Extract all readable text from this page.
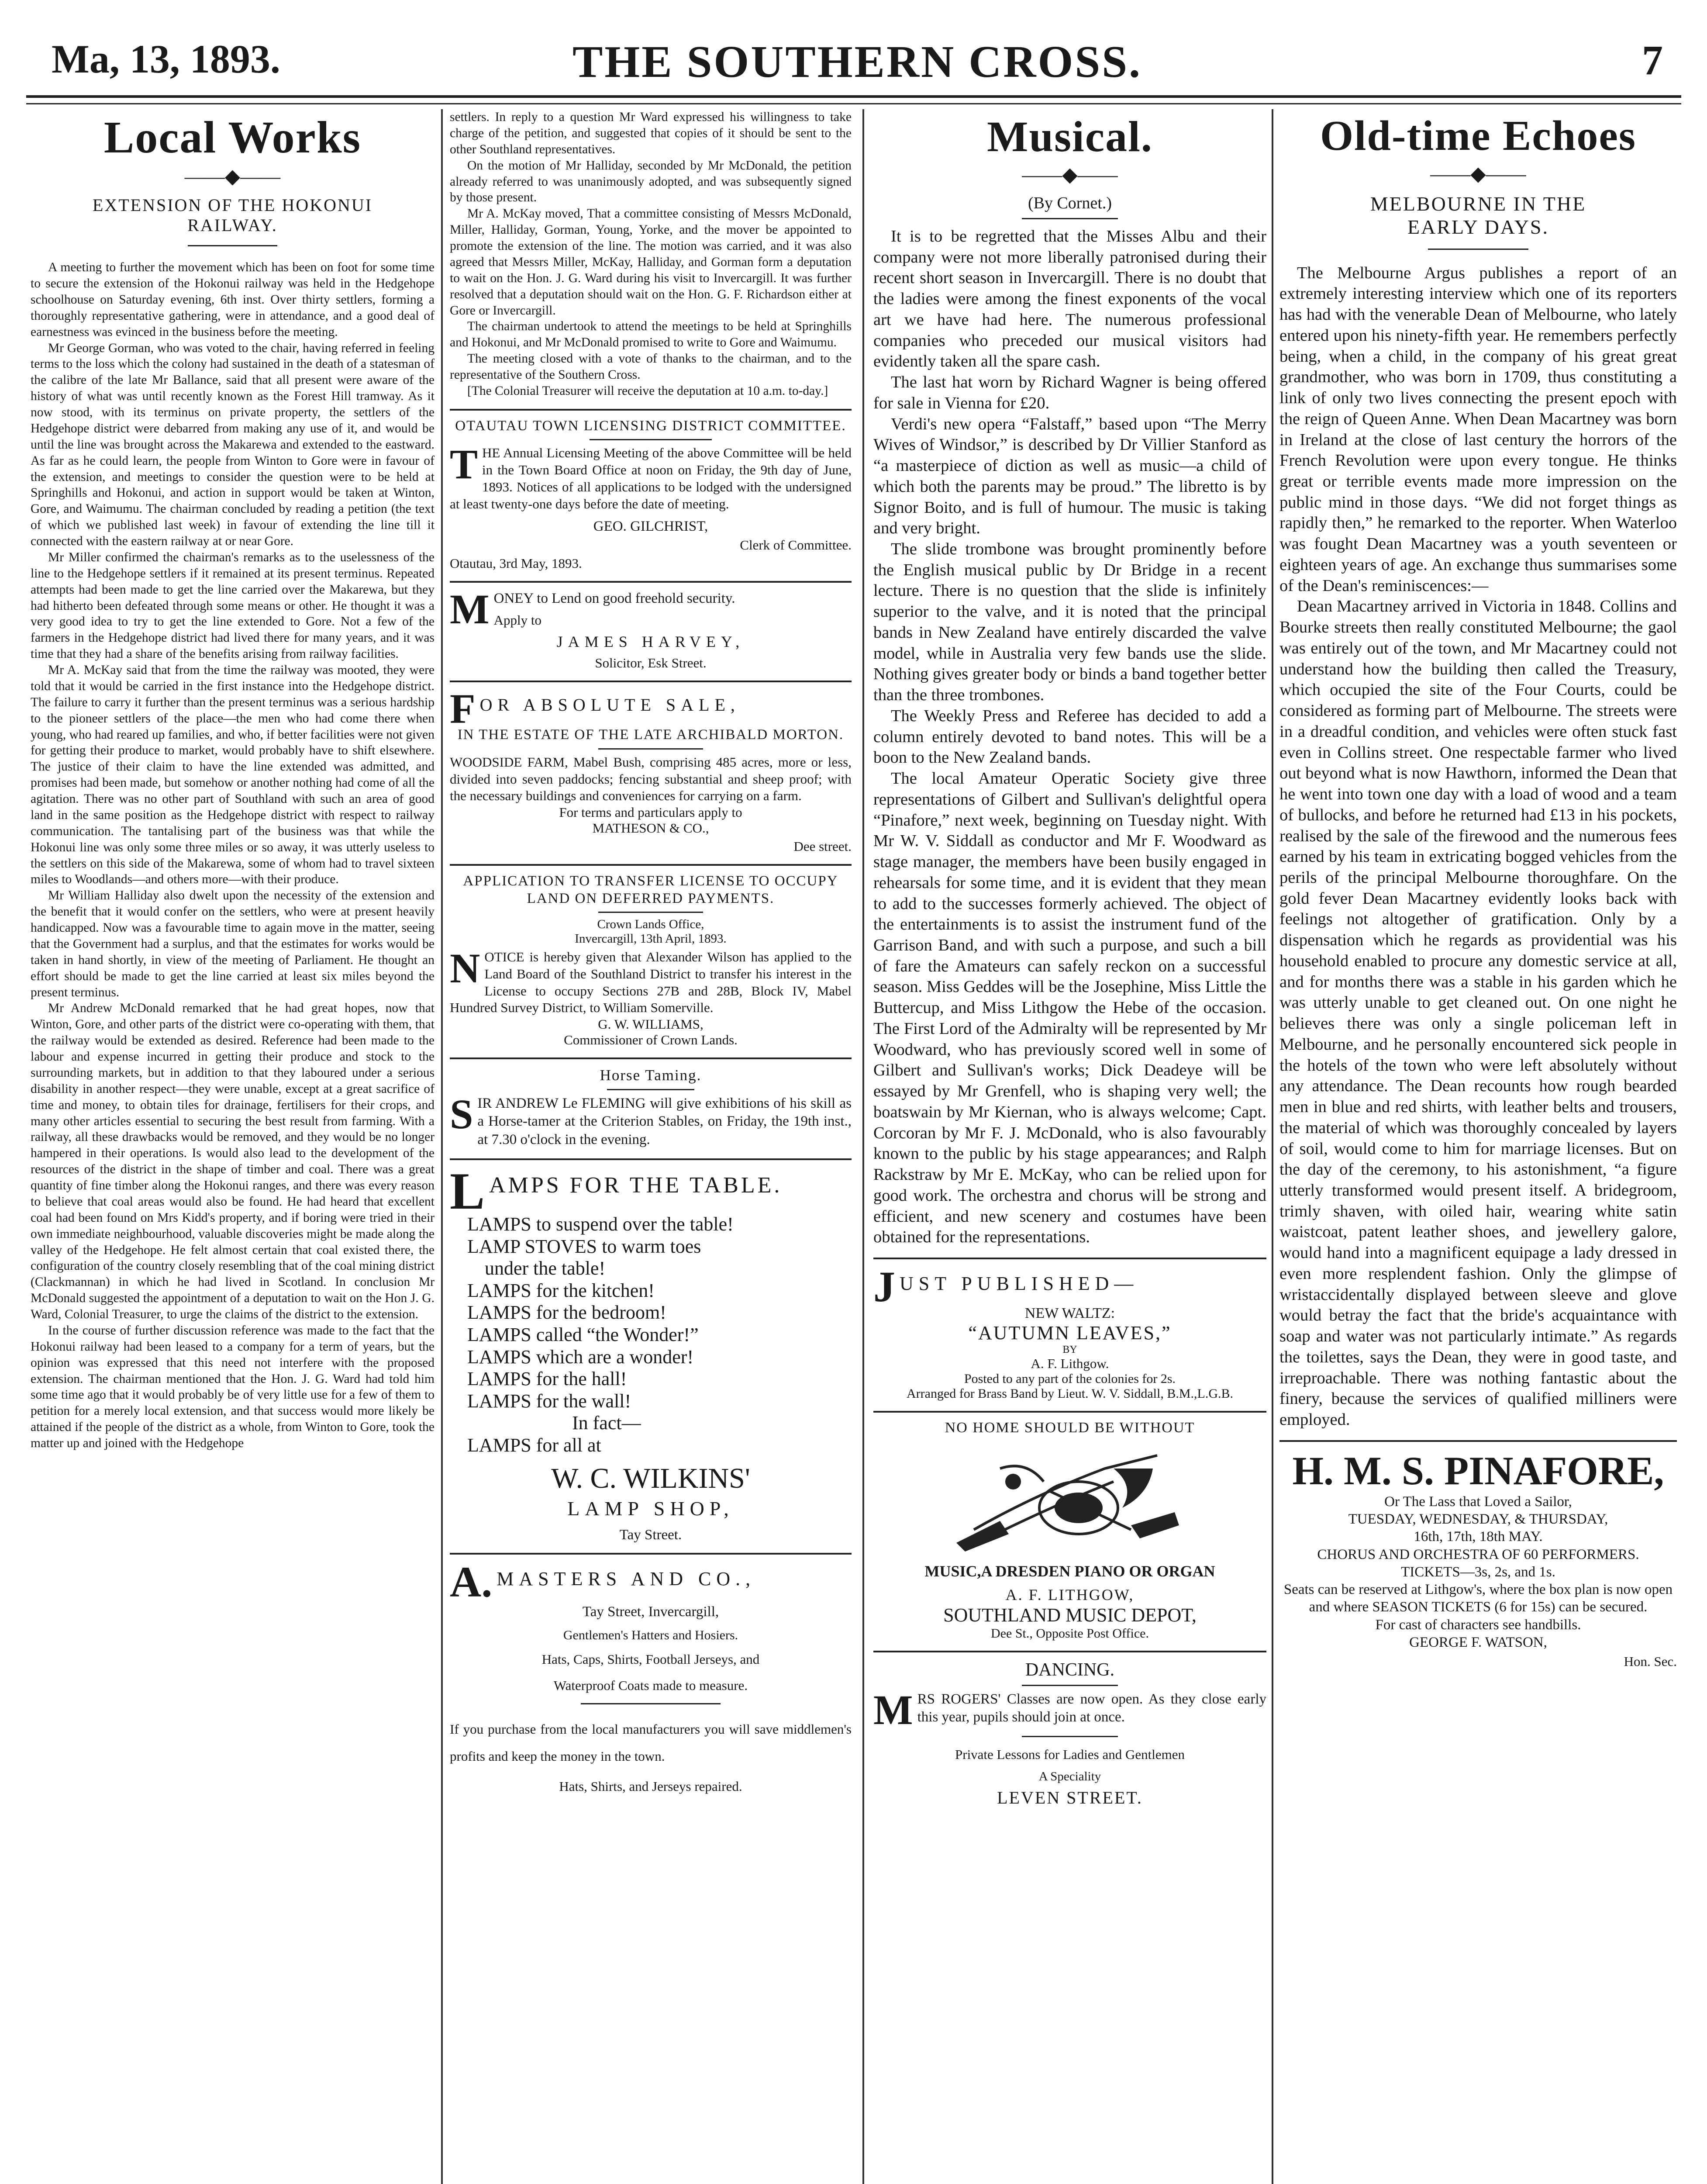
Ma, 13, 1893.	THE SOUTHERN CROSS.	7
Local Works
——◆——
EXTENSION OF THE HOKONUI
RAILWAY.

A meeting to further the movement which has been on foot for some time to secure the extension of the Hokonui railway was held in the Hedgehope schoolhouse on Saturday evening, 6th inst. Over thirty settlers, forming a thoroughly representative gathering, were in attendance, and a good deal of earnestness was evinced in the business before the meeting.

Mr George Gorman, who was voted to the chair, having referred in feeling terms to the loss which the colony had sustained in the death of a statesman of the calibre of the late Mr Ballance, said that all present were aware of the history of what was until recently known as the Forest Hill tramway. As it now stood, with its terminus on private property, the settlers of the Hedgehope district were debarred from making any use of it, and would be until the line was brought across the Makarewa and extended to the eastward. As far as he could learn, the people from Winton to Gore were in favour of the extension, and meetings to consider the question were to be held at Springhills and Hokonui, and action in support would be taken at Winton, Gore, and Waimumu. The chairman concluded by reading a petition (the text of which we published last week) in favour of extending the line till it connected with the eastern railway at or near Gore.

Mr Miller confirmed the chairman's remarks as to the uselessness of the line to the Hedgehope settlers if it remained at its present terminus. Repeated attempts had been made to get the line carried over the Makarewa, but they had hitherto been defeated through some means or other. He thought it was a very good idea to try to get the line extended to Gore. Not a few of the farmers in the Hedgehope district had lived there for many years, and it was time that they had a share of the benefits arising from railway facilities.

Mr A. McKay said that from the time the railway was mooted, they were told that it would be carried in the first instance into the Hedgehope district. The failure to carry it further than the present terminus was a serious hardship to the pioneer settlers of the place—the men who had come there when young, who had reared up families, and who, if better facilities were not given for getting their produce to market, would probably have to shift elsewhere. The justice of their claim to have the line extended was admitted, and promises had been made, but somehow or another nothing had come of all the agitation. There was no other part of Southland with such an area of good land in the same position as the Hedgehope district with respect to railway communication. The tantalising part of the business was that while the Hokonui line was only some three miles or so away, it was utterly useless to the settlers on this side of the Makarewa, some of whom had to travel sixteen miles to Woodlands—and others more—with their produce.

Mr William Halliday also dwelt upon the necessity of the extension and the benefit that it would confer on the settlers, who were at present heavily handicapped. Now was a favourable time to again move in the matter, seeing that the Government had a surplus, and that the estimates for works would be taken in hand shortly, in view of the meeting of Parliament. He thought an effort should be made to get the line carried at least six miles beyond the present terminus.

Mr Andrew McDonald remarked that he had great hopes, now that Winton, Gore, and other parts of the district were co-operating with them, that the railway would be extended as desired. Reference had been made to the labour and expense incurred in getting their produce and stock to the surrounding markets, but in addition to that they laboured under a serious disability in another respect—they were unable, except at a great sacrifice of time and money, to obtain tiles for drainage, fertilisers for their crops, and many other articles essential to securing the best result from farming. With a railway, all these drawbacks would be removed, and they would be no longer hampered in their operations. Is would also lead to the development of the resources of the district in the shape of timber and coal. There was a great quantity of fine timber along the Hokonui ranges, and there was every reason to believe that coal areas would also be found. He had heard that excellent coal had been found on Mrs Kidd's property, and if boring were tried in their own immediate neighbourhood, valuable discoveries might be made along the valley of the Hedgehope. He felt almost certain that coal existed there, the configuration of the country closely resembling that of the coal mining district (Clackmannan) in which he had lived in Scotland. In conclusion Mr McDonald suggested the appointment of a deputation to wait on the Hon J. G. Ward, Colonial Treasurer, to urge the claims of the district to the extension.

In the course of further discussion reference was made to the fact that the Hokonui railway had been leased to a company for a term of years, but the opinion was expressed that this need not interfere with the proposed extension. The chairman mentioned that the Hon. J. G. Ward had told him some time ago that it would probably be of very little use for a few of them to petition for a merely local extension, and that success would more likely be attained if the people of the district as a whole, from Winton to Gore, took the matter up and joined with the Hedgehope

settlers. In reply to a question Mr Ward expressed his willingness to take charge of the petition, and suggested that copies of it should be sent to the other Southland representatives.

On the motion of Mr Halliday, seconded by Mr McDonald, the petition already referred to was unanimously adopted, and was subsequently signed by those present.

Mr A. McKay moved, That a committee consisting of Messrs McDonald, Miller, Halliday, Gorman, Young, Yorke, and the mover be appointed to promote the extension of the line. The motion was carried, and it was also agreed that Messrs Miller, McKay, Halliday, and Gorman form a deputation to wait on the Hon. J. G. Ward during his visit to Invercargill. It was further resolved that a deputation should wait on the Hon. G. F. Richardson either at Gore or Invercargill.

The chairman undertook to attend the meetings to be held at Springhills and Hokonui, and Mr McDonald promised to write to Gore and Waimumu.

The meeting closed with a vote of thanks to the chairman, and to the representative of the Southern Cross.

[The Colonial Treasurer will receive the deputation at 10 a.m. to-day.]

OTAUTAU TOWN LICENSING DISTRICT COMMITTEE.

THE Annual Licensing Meeting of the above Committee will be held in the Town Board Office at noon on Friday, the 9th day of June, 1893. Notices of all applications to be lodged with the undersigned at least twenty-one days before the date of meeting.

GEO. GILCHRIST,
Clerk of Committee.
Otautau, 3rd May, 1893.

MONEY to Lend on good freehold security.

Apply to
JAMES HARVEY,
Solicitor, Esk Street.
FOR ABSOLUTE SALE,
IN THE ESTATE OF THE LATE ARCHIBALD MORTON.

WOODSIDE FARM, Mabel Bush, comprising 485 acres, more or less, divided into seven paddocks; fencing substantial and sheep proof; with the necessary buildings and conveniences for carrying on a farm.

For terms and particulars apply to
MATHESON & CO.,
Dee street.
APPLICATION TO TRANSFER LICENSE TO OCCUPY LAND ON DEFERRED PAYMENTS.
Crown Lands Office,
Invercargill, 13th April, 1893.

NOTICE is hereby given that Alexander Wilson has applied to the Land Board of the Southland District to transfer his interest in the License to occupy Sections 27B and 28B, Block IV, Mabel Hundred Survey District, to William Somerville.

G. W. WILLIAMS,
Commissioner of Crown Lands.
Horse Taming.

SIR ANDREW Le FLEMING will give exhibitions of his skill as a Horse-tamer at the Criterion Stables, on Friday, the 19th inst., at 7.30 o'clock in the evening.

LAMPS FOR THE TABLE.

LAMPS to suspend over the table!

LAMP STOVES to warm toes

under the table!

LAMPS for the kitchen!

LAMPS for the bedroom!

LAMPS called “the Wonder!”

LAMPS which are a wonder!

LAMPS for the hall!

LAMPS for the wall!

In fact—

LAMPS for all at

W. C. WILKINS'
LAMP SHOP,
Tay Street.
A. MASTERS AND CO.,
Tay Street, Invercargill,
Gentlemen's Hatters and Hosiers.
Hats, Caps, Shirts, Football Jerseys, and
Waterproof Coats made to measure.

If you purchase from the local manufacturers you will save middlemen's profits and keep the money in the town.

Hats, Shirts, and Jerseys repaired.
Musical.
——◆——
(By Cornet.)

It is to be regretted that the Misses Albu and their company were not more liberally patronised during their recent short season in Invercargill. There is no doubt that the ladies were among the finest exponents of the vocal art we have had here. The numerous professional companies who preceded our musical visitors had evidently taken all the spare cash.

The last hat worn by Richard Wagner is being offered for sale in Vienna for £20.

Verdi's new opera “Falstaff,” based upon “The Merry Wives of Windsor,” is described by Dr Villier Stanford as “a masterpiece of diction as well as music—a child of which both the parents may be proud.” The libretto is by Signor Boito, and is full of humour. The music is taking and very bright.

The slide trombone was brought prominently before the English musical public by Dr Bridge in a recent lecture. There is no question that the slide is infinitely superior to the valve, and it is noted that the principal bands in New Zealand have entirely discarded the valve model, while in Australia very few bands use the slide. Nothing gives greater body or binds a band together better than the three trombones.

The Weekly Press and Referee has decided to add a column entirely devoted to band notes. This will be a boon to the New Zealand bands.

The local Amateur Operatic Society give three representations of Gilbert and Sullivan's delightful opera “Pinafore,” next week, beginning on Tuesday night. With Mr W. V. Siddall as conductor and Mr F. Woodward as stage manager, the members have been busily engaged in rehearsals for some time, and it is evident that they mean to add to the successes formerly achieved. The object of the entertainments is to assist the instrument fund of the Garrison Band, and with such a purpose, and such a bill of fare the Amateurs can safely reckon on a successful season. Miss Geddes will be the Josephine, Miss Little the Buttercup, and Miss Lithgow the Hebe of the occasion. The First Lord of the Admiralty will be represented by Mr Woodward, who has previously scored well in some of Gilbert and Sullivan's works; Dick Deadeye will be essayed by Mr Grenfell, who is shaping very well; the boatswain by Mr Kiernan, who is always welcome; Capt. Corcoran by Mr F. J. McDonald, who is also favourably known to the public by his stage appearances; and Ralph Rackstraw by Mr E. McKay, who can be relied upon for good work. The orchestra and chorus will be strong and efficient, and new scenery and costumes have been obtained for the representations.

JUST PUBLISHED—
NEW WALTZ:
“AUTUMN LEAVES,”
BY
A. F. Lithgow.
Posted to any part of the colonies for 2s.
Arranged for Brass Band by Lieut. W. V. Siddall, B.M.,L.G.B.
NO HOME SHOULD BE WITHOUT
MUSIC,A DRESDEN PIANO OR ORGAN
A. F. LITHGOW,
SOUTHLAND MUSIC DEPOT,
Dee St., Opposite Post Office.
DANCING.

MRS ROGERS' Classes are now open. As they close early this year, pupils should join at once.

Private Lessons for Ladies and Gentlemen
A Speciality
LEVEN STREET.
Old-time Echoes
——◆——
MELBOURNE IN THE
EARLY DAYS.

The Melbourne Argus publishes a report of an extremely interesting interview which one of its reporters has had with the venerable Dean of Melbourne, who lately entered upon his ninety-fifth year. He remembers perfectly being, when a child, in the company of his great great grandmother, who was born in 1709, thus constituting a link of only two lives connecting the present epoch with the reign of Queen Anne. When Dean Macartney was born in Ireland at the close of last century the horrors of the French Revolution were upon every tongue. He thinks great or terrible events made more impression on the public mind in those days. “We did not forget things as rapidly then,” he remarked to the reporter. When Waterloo was fought Dean Macartney was a youth seventeen or eighteen years of age. An exchange thus summarises some of the Dean's reminiscences:—

Dean Macartney arrived in Victoria in 1848. Collins and Bourke streets then really constituted Melbourne; the gaol was entirely out of the town, and Mr Macartney could not understand how the building then called the Treasury, which occupied the site of the Four Courts, could be considered as forming part of Melbourne. The streets were in a dreadful condition, and vehicles were often stuck fast even in Collins street. One respectable farmer who lived out beyond what is now Hawthorn, informed the Dean that he went into town one day with a load of wood and a team of bullocks, and before he returned had £13 in his pockets, realised by the sale of the firewood and the numerous fees earned by his team in extricating bogged vehicles from the perils of the principal Melbourne thoroughfare. On the gold fever Dean Macartney evidently looks back with feelings not altogether of gratification. Only by a dispensation which he regards as providential was his household enabled to procure any domestic service at all, and for months there was a stable in his garden which he was utterly unable to get cleaned out. On one night he believes there was only a single policeman left in Melbourne, and he personally encountered sick people in the hotels of the town who were left absolutely without any attendance. The Dean recounts how rough bearded men in blue and red shirts, with leather belts and trousers, the material of which was thoroughly concealed by layers of soil, would come to him for marriage licenses. But on the day of the ceremony, to his astonishment, “a figure utterly transformed would present itself. A bridegroom, trimly shaven, with oiled hair, wearing white satin waistcoat, patent leather shoes, and jewellery galore, would hand into a magnificent equipage a lady dressed in even more resplendent fashion. Only the glimpse of wristaccidentally displayed between sleeve and glove would betray the fact that the bride's acquaintance with soap and water was not particularly intimate.” As regards the toilettes, says the Dean, they were in good taste, and irreproachable. There was nothing fantastic about the finery, because the services of qualified milliners were employed.

H. M. S. PINAFORE,
Or The Lass that Loved a Sailor,
TUESDAY, WEDNESDAY, & THURSDAY,
16th, 17th, 18th MAY.
CHORUS AND ORCHESTRA OF 60 PERFORMERS.
TICKETS—3s, 2s, and 1s.
Seats can be reserved at Lithgow's, where the box plan is now open and where SEASON TICKETS (6 for 15s) can be secured.
For cast of characters see handbills.
GEORGE F. WATSON,
Hon. Sec.
